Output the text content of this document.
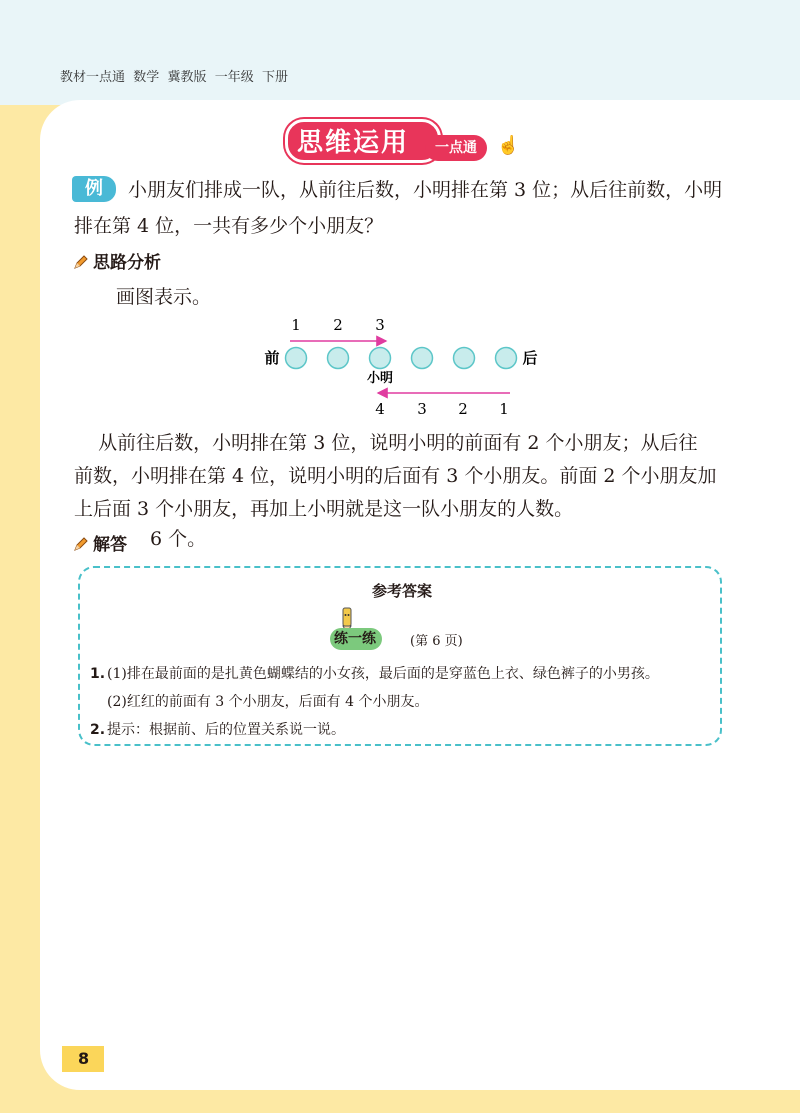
教材一点通  数学  冀教版  一年级  下册
思维运用	一点通	☝
例	小朋友们排成一队，从前往后数，小明排在第 3 位；从后往前数，小明
排在第 4 位，一共有多少个小朋友？
思路分析
画图表示。
1 2 3
前	后
小明
4 3 2 1
从前往后数，小明排在第 3 位，说明小明的前面有 2 个小朋友；从后往
前数，小明排在第 4 位，说明小明的后面有 3 个小朋友。前面 2 个小朋友加
上后面 3 个小朋友，再加上小明就是这一队小朋友的人数。
解答 6 个。
参考答案
练一练	(第 6 页)
1. (1)排在最前面的是扎黄色蝴蝶结的小女孩，最后面的是穿蓝色上衣、绿色裤子的小男孩。
(2)红红的前面有 3 个小朋友，后面有 4 个小朋友。
2. 提示：根据前、后的位置关系说一说。
8
